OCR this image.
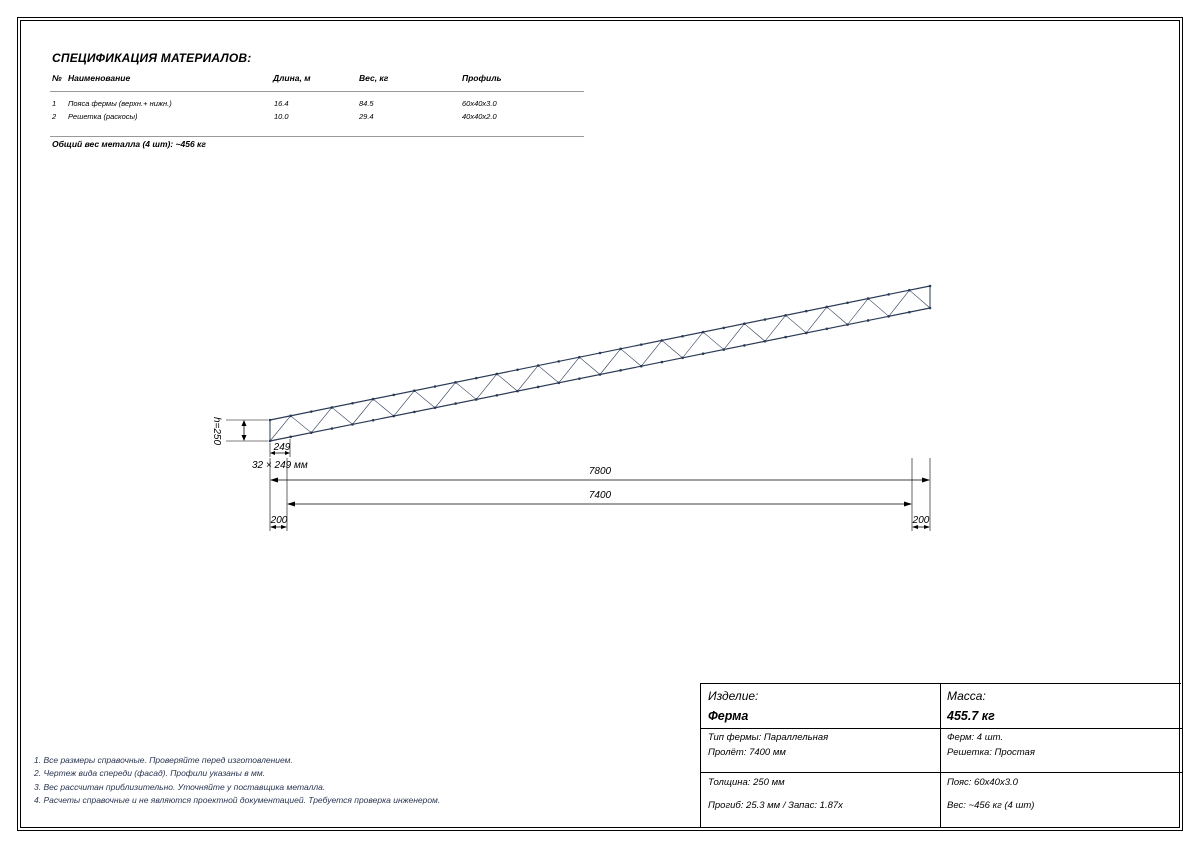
СПЕЦИФИКАЦИЯ МАТЕРИАЛОВ:
№ Наименование	Длина, м	Вес, кг	Профиль
1 Пояса фермы (верхн.+ нижн.)	16.4	84.5	60x40x3.0
2 Решетка (раскосы)	10.0	29.4	40x40x2.0
Общий вес металла (4 шт): ~456 кг
h=250
249
32 × 249 мм
7800
7400
200	200
1. Все размеры справочные. Проверяйте перед изготовлением.
2. Чертеж вида спереди (фасад). Профили указаны в мм.
3. Вес рассчитан приблизительно. Уточняйте у поставщика металла.
4. Расчеты справочные и не являются проектной документацией. Требуется проверка инженером.
Изделие:
Ферма
Масса:
455.7 кг
Тип фермы: Параллельная
Пролёт: 7400 мм
Ферм: 4 шт.
Решетка: Простая
Толщина: 250 мм
Прогиб: 25.3 мм / Запас: 1.87x
Пояс: 60x40x3.0
Вес: ~456 кг (4 шт)
